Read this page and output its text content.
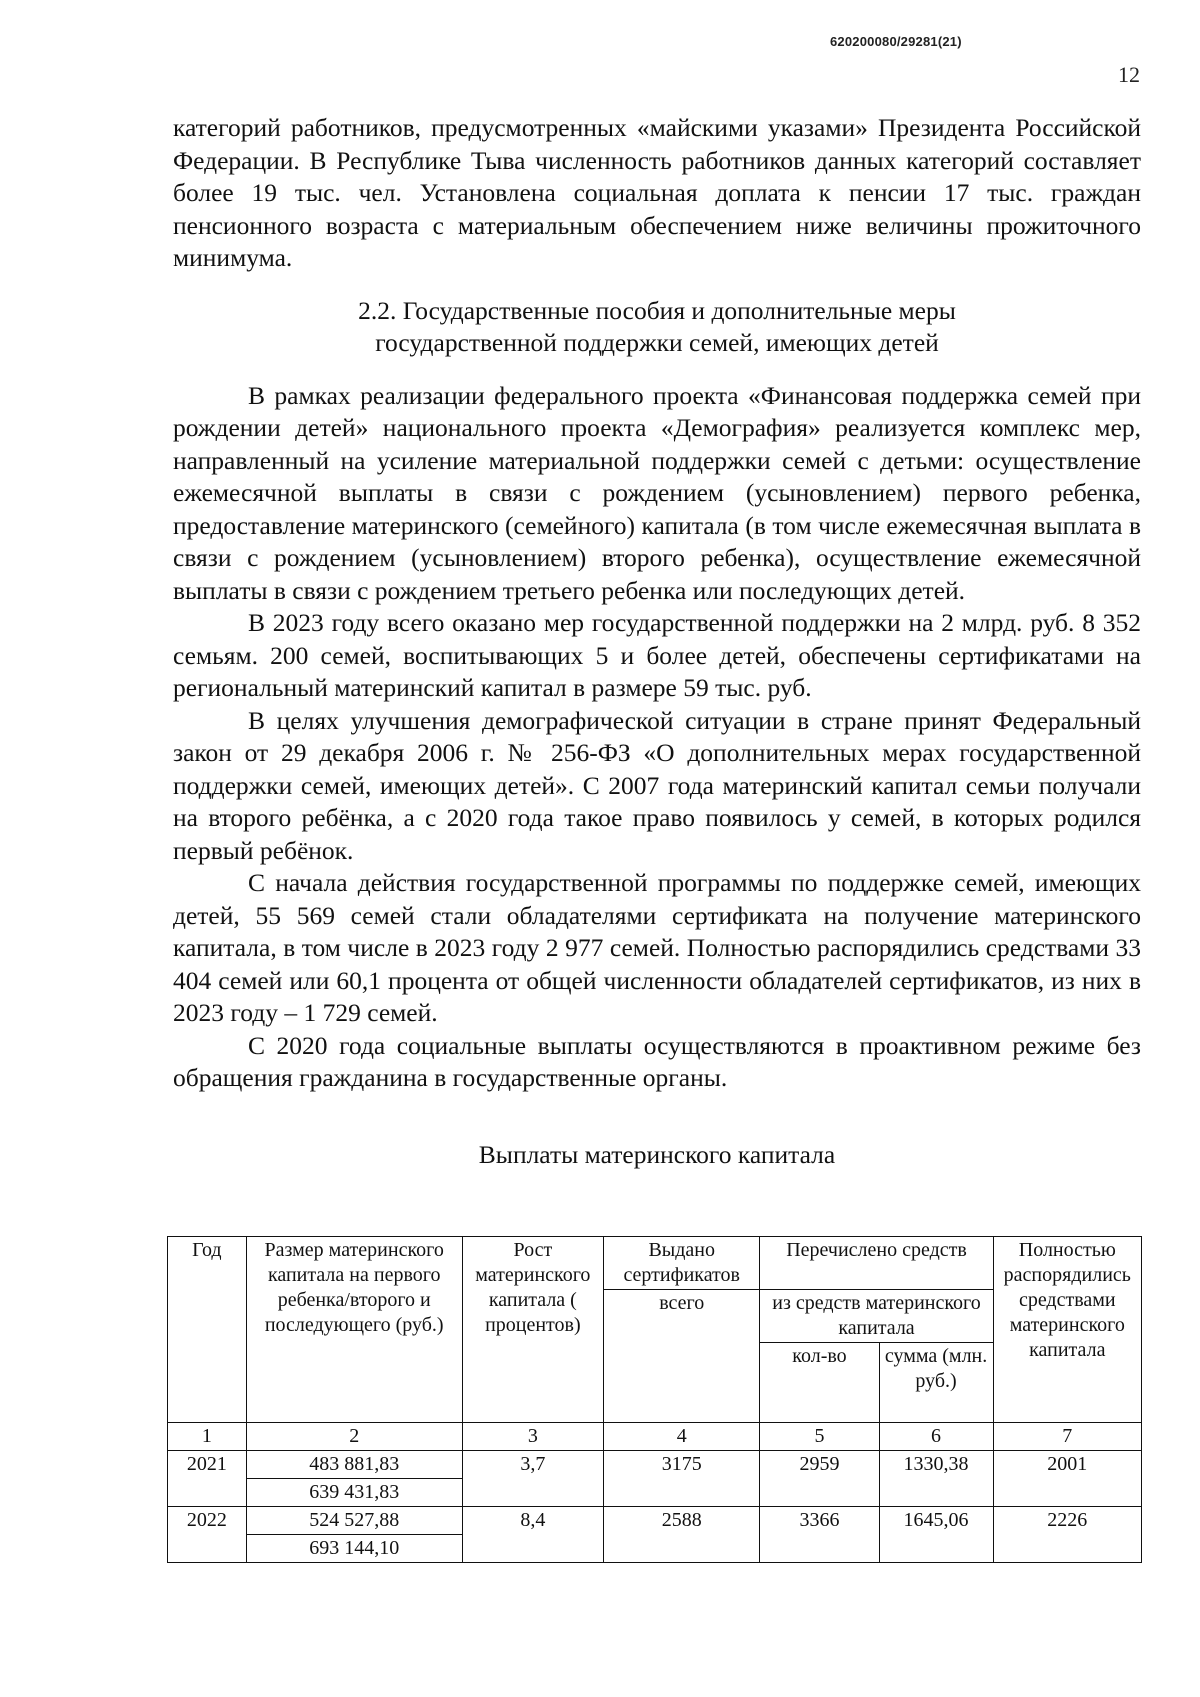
620200080/29281(21)
12

категорий работников, предусмотренных «майскими указами» Президента Российской Федерации. В Республике Тыва численность работников данных категорий составляет более 19 тыс. чел. Установлена социальная доплата к пенсии 17 тыс. граждан пенсионного возраста с материальным обеспечением ниже величины прожиточного минимума.

2.2. Государственные пособия и дополнительные меры
государственной поддержки семей, имеющих детей

В рамках реализации федерального проекта «Финансовая поддержка семей при рождении детей» национального проекта «Демография» реализуется комплекс мер, направленный на усиление материальной поддержки семей с детьми: осуществление ежемесячной выплаты в связи с рождением (усыновлением) первого ребенка, предоставление материнского (семейного) капитала (в том числе ежемесячная выплата в связи с рождением (усыновлением) второго ребенка), осуществление ежемесячной выплаты в связи с рождением третьего ребенка или последующих детей.

В 2023 году всего оказано мер государственной поддержки на 2 млрд. руб. 8 352 семьям. 200 семей, воспитывающих 5 и более детей, обеспечены сертификатами на региональный материнский капитал в размере 59 тыс. руб.

В целях улучшения демографической ситуации в стране принят Федеральный закон от 29 декабря 2006 г. № 256-ФЗ «О дополнительных мерах государственной поддержки семей, имеющих детей». С 2007 года материнский капитал семьи получали на второго ребёнка, а с 2020 года такое право появилось у семей, в которых родился первый ребёнок.

С начала действия государственной программы по поддержке семей, имеющих детей, 55 569 семей стали обладателями сертификата на получение материнского капитала, в том числе в 2023 году 2 977 семей. Полностью распорядились средствами 33 404 семей или 60,1 процента от общей численности обладателей сертификатов, из них в 2023 году – 1 729 семей.

С 2020 года социальные выплаты осуществляются в проактивном режиме без обращения гражданина в государственные органы.

Выплаты материнского капитала
Год	Размер материнского капитала на первого ребенка/второго и последующего (руб.)	Рост материнского капитала ( процентов)	Выдано сертификатов	Перечислено средств		Полностью распорядились средствами материнского капитала
			всего	из средств материнского капитала		
				кол-во	сумма (млн. руб.)	
1	2	3	4	5	6	7
2021	483 881,83	3,7	3175	2959	1330,38	2001
	639 431,83					
2022	524 527,88	8,4	2588	3366	1645,06	2226
	693 144,10					
